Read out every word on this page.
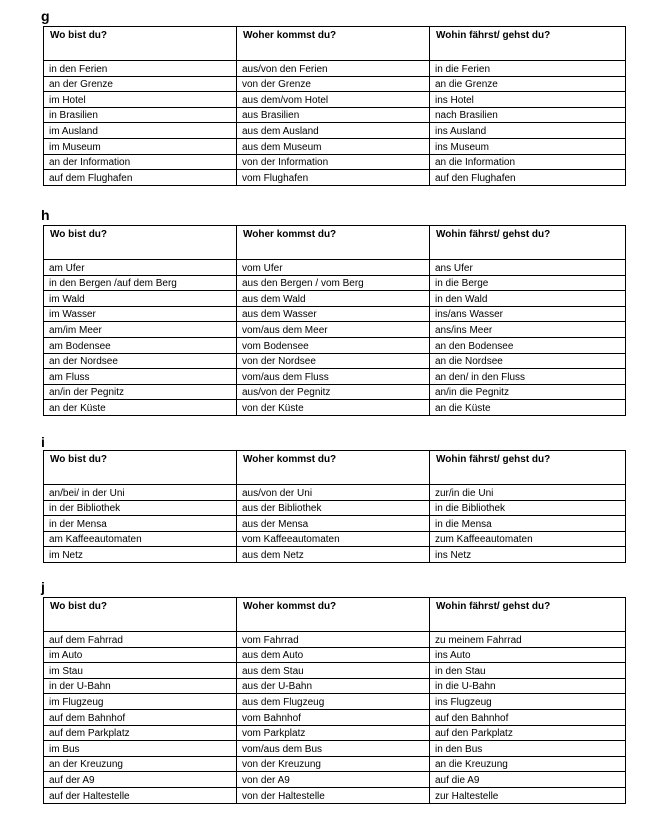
g
Wo bist du?	Woher kommst du?	Wohin fährst/ gehst du?
in den Ferien	aus/von den Ferien	in die Ferien
an der Grenze	von der Grenze	an die Grenze
im Hotel	aus dem/vom Hotel	ins Hotel
in Brasilien	aus Brasilien	nach Brasilien
im Ausland	aus dem Ausland	ins Ausland
im Museum	aus dem Museum	ins Museum
an der Information	von der Information	an die Information
auf dem Flughafen	vom Flughafen	auf den Flughafen
h
Wo bist du?	Woher kommst du?	Wohin fährst/ gehst du?
am Ufer	vom Ufer	ans Ufer
in den Bergen /auf dem Berg	aus den Bergen / vom Berg	in die Berge
im Wald	aus dem Wald	in den Wald
im Wasser	aus dem Wasser	ins/ans Wasser
am/im Meer	vom/aus dem Meer	ans/ins Meer
am Bodensee	vom Bodensee	an den Bodensee
an der Nordsee	von der Nordsee	an die Nordsee
am Fluss	vom/aus dem Fluss	an den/ in den Fluss
an/in der Pegnitz	aus/von der Pegnitz	an/in die Pegnitz
an der Küste	von der Küste	an die Küste
i
Wo bist du?	Woher kommst du?	Wohin fährst/ gehst du?
an/bei/ in der Uni	aus/von der Uni	zur/in die Uni
in der Bibliothek	aus der Bibliothek	in die Bibliothek
in der Mensa	aus der Mensa	in die Mensa
am Kaffeeautomaten	vom Kaffeeautomaten	zum Kaffeeautomaten
im Netz	aus dem Netz	ins Netz
j
Wo bist du?	Woher kommst du?	Wohin fährst/ gehst du?
auf dem Fahrrad	vom Fahrrad	zu meinem Fahrrad
im Auto	aus dem Auto	ins Auto
im Stau	aus dem Stau	in den Stau
in der U-Bahn	aus der U-Bahn	in die U-Bahn
im Flugzeug	aus dem Flugzeug	ins Flugzeug
auf dem Bahnhof	vom Bahnhof	auf den Bahnhof
auf dem Parkplatz	vom Parkplatz	auf den Parkplatz
im Bus	vom/aus dem Bus	in den Bus
an der Kreuzung	von der Kreuzung	an die Kreuzung
auf der A9	von der A9	auf die A9
auf der Haltestelle	von der Haltestelle	zur Haltestelle
